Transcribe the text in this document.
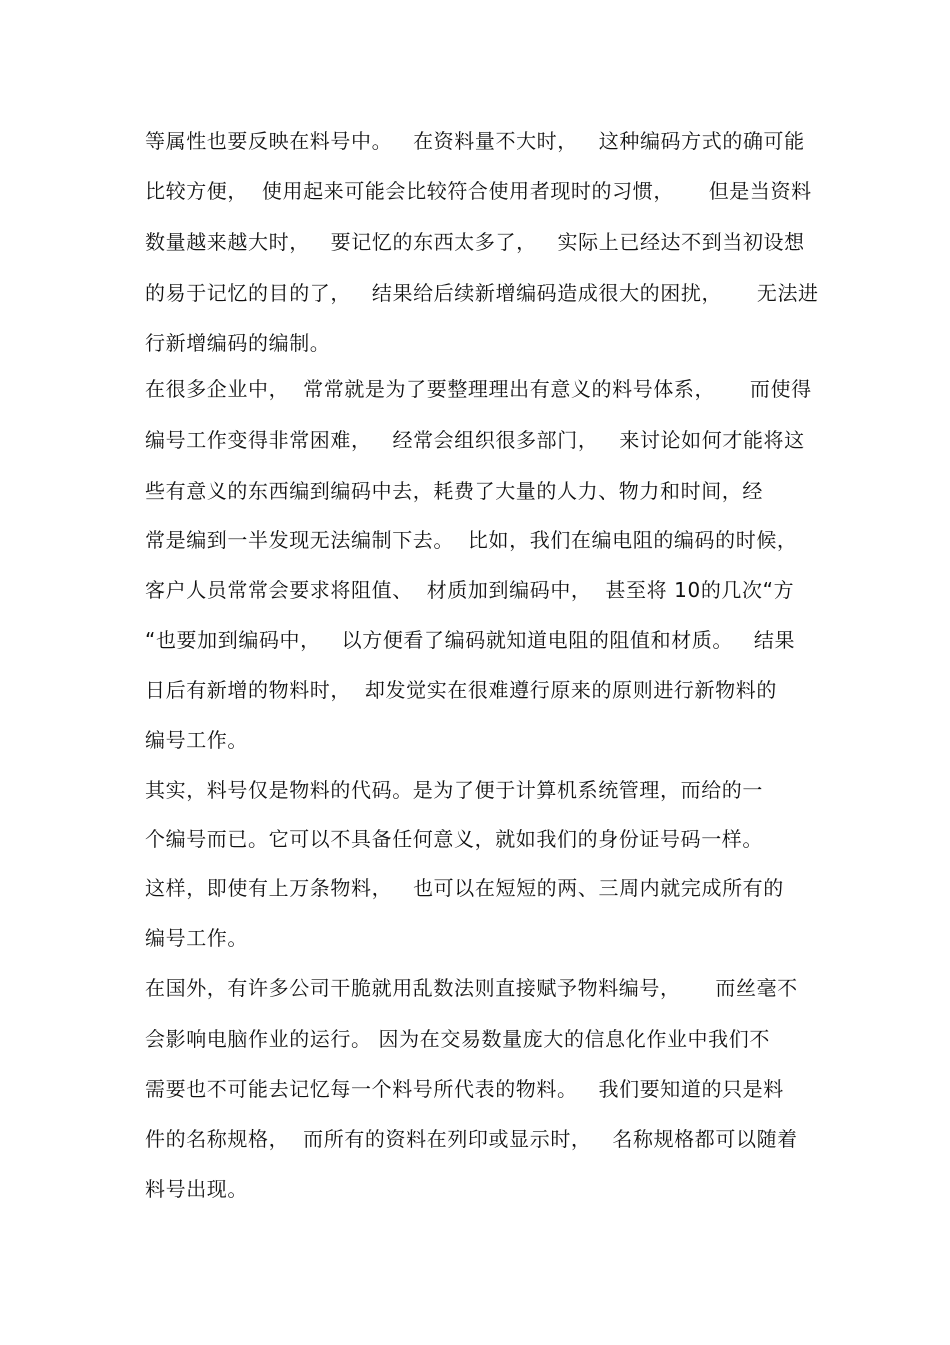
等属性也要反映在料号中。   在资料量不大时，   这种编码方式的确可能
比较方便，  使用起来可能会比较符合使用者现时的习惯，     但是当资料
数量越来越大时，   要记忆的东西太多了，   实际上已经达不到当初设想
的易于记忆的目的了，   结果给后续新增编码造成很大的困扰，     无法进
行新增编码的编制。
在很多企业中，  常常就是为了要整理理出有意义的料号体系，     而使得
编号工作变得非常困难，   经常会组织很多部门，   来讨论如何才能将这
些有意义的东西编到编码中去，耗费了大量的人力、物力和时间，经
常是编到一半发现无法编制下去。  比如，我们在编电阻的编码的时候，
客户人员常常会要求将阻值、  材质加到编码中，  甚至将 10的几次“方
“也要加到编码中，   以方便看了编码就知道电阻的阻值和材质。   结果
日后有新增的物料时，  却发觉实在很难遵行原来的原则进行新物料的
编号工作。
其实，料号仅是物料的代码。是为了便于计算机系统管理，而给的一
个编号而已。它可以不具备任何意义，就如我们的身份证号码一样。
这样，即使有上万条物料，   也可以在短短的两、三周内就完成所有的
编号工作。
在国外，有许多公司干脆就用乱数法则直接赋予物料编号，     而丝毫不
会影响电脑作业的运行。 因为在交易数量庞大的信息化作业中我们不
需要也不可能去记忆每一个料号所代表的物料。   我们要知道的只是料
件的名称规格，  而所有的资料在列印或显示时，   名称规格都可以随着
料号出现。
